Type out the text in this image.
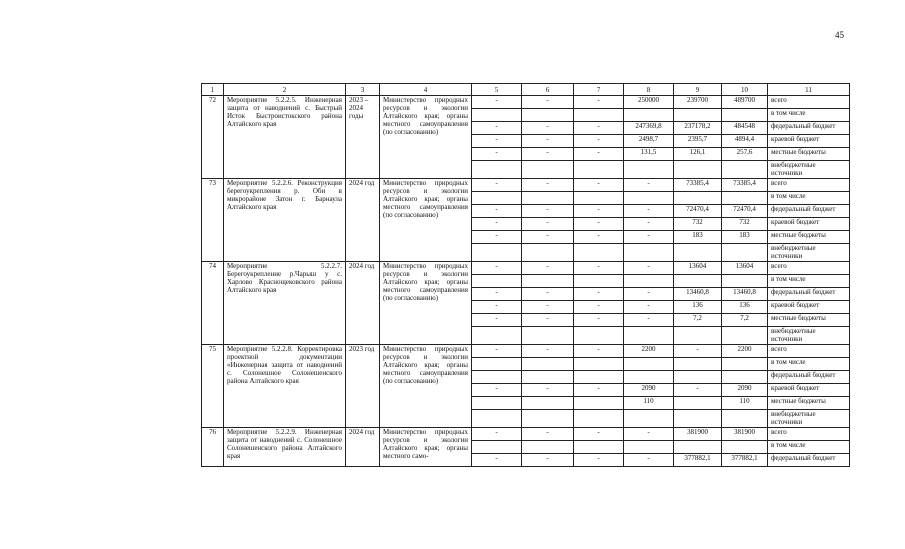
45
1	2	3	4	5	6	7	8	9	10	11
72	Мероприятие 5.2.2.5. Инженерная защита от наводнений с. Быстрый Исток Быстроистокского района Алтайского края	2023 – 2024 годы	Министерство природных ресурсов и экологии Алтайского края; органы местного самоуправления (по согласованию)	-	-	-	250000	239700	489700	всего
										в том числе
				-	-	-	247369,8	237178,2	484548	федеральный бюджет
				-	-	-	2498,7	2395,7	4894,4	краевой бюджет
				-	-	-	131,5	126,1	257,6	местные бюджеты
										внебюджетные источники
73	Мероприятие 5.2.2.6. Реконструкция берегоукрепления р. Оби в микрорайоне Затон г. Барнаула Алтайского края	2024 год	Министерство природных ресурсов и экологии Алтайского края; органы местного самоуправления (по согласованию)	-	-	-	-	73385,4	73385,4	всего
										в том числе
				-	-	-	-	72470,4	72470,4	федеральный бюджет
				-	-	-	-	732	732	краевой бюджет
				-	-	-	-	183	183	местные бюджеты
										внебюджетные источники
74	Мероприятие 5.2.2.7. Берегоукрепление р.Чарыш у с. Харлово Краснощековского района Алтайского края	2024 год	Министерство природных ресурсов и экологии Алтайского края; органы местного самоуправления (по согласованию)	-	-	-	-	13604	13604	всего
										в том числе
				-	-	-	-	13460,8	13460,8	федеральный бюджет
				-	-	-	-	136	136	краевой бюджет
				-	-	-	-	7,2	7,2	местные бюджеты
										внебюджетные источники
75	Мероприятие 5.2.2.8. Корректировка проектной документации «Инженерная защита от наводнений с. Солонешное Солонешенского района Алтайского края	2023 год	Министерство природных ресурсов и экологии Алтайского края; органы местного самоуправления (по согласованию)	-	-	-	2200	-	2200	всего
										в том числе
										федеральный бюджет
				-	-	-	2090	-	2090	краевой бюджет
							110		110	местные бюджеты
										внебюджетные источники
76	Мероприятие 5.2.2.9. Инженерная защита от наводнений с. Солонешное Солонешенского района Алтайского края	2024 год	Министерство природных ресурсов и экологии Алтайского края; органы местного само-	-	-	-	-	381900	381900	всего
										в том числе
				-	-	-	-	377882,1	377882,1	федеральный бюджет
